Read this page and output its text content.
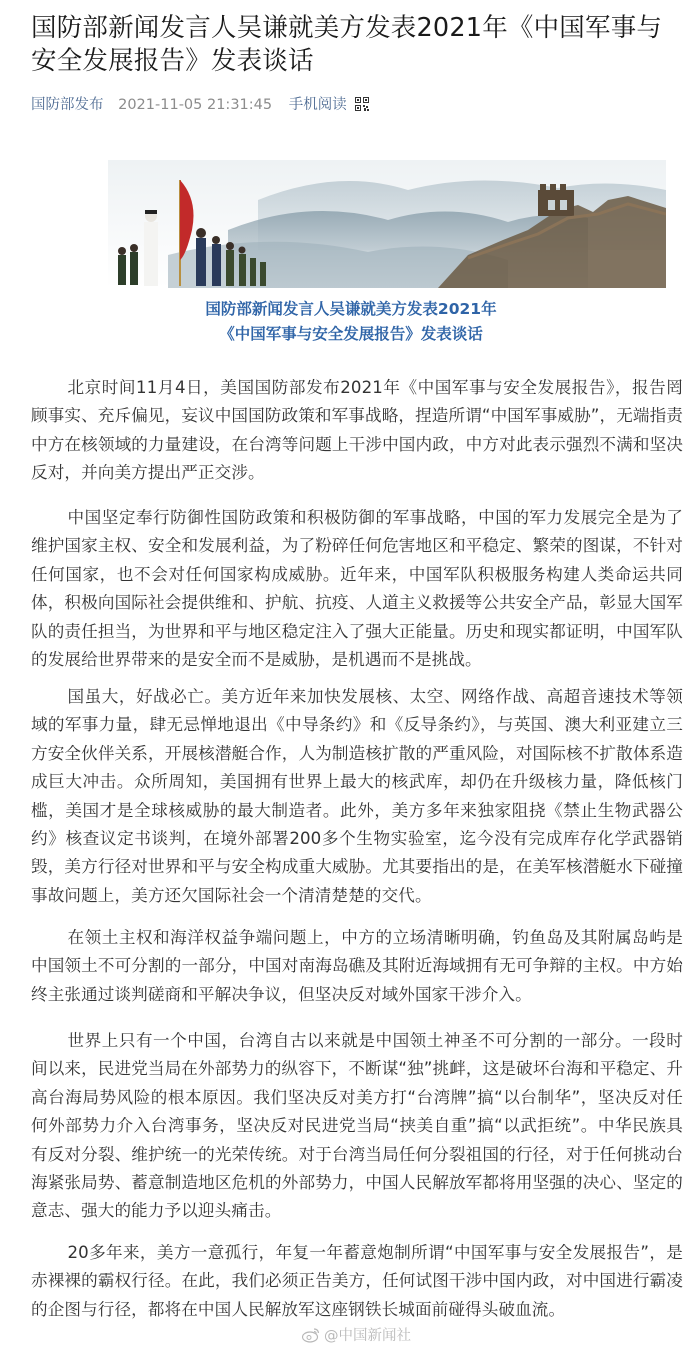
国防部新闻发言人吴谦就美方发表2021年《中国军事与安全发展报告》发表谈话
国防部发布 2021-11-05 21:31:45 手机阅读
国防部新闻发言人吴谦就美方发表2021年
《中国军事与安全发展报告》发表谈话

北京时间11月4日，美国国防部发布2021年《中国军事与安全发展报告》，报告罔顾事实、充斥偏见，妄议中国国防政策和军事战略，捏造所谓“中国军事威胁”，无端指责中方在核领域的力量建设，在台湾等问题上干涉中国内政，中方对此表示强烈不满和坚决反对，并向美方提出严正交涉。

中国坚定奉行防御性国防政策和积极防御的军事战略，中国的军力发展完全是为了维护国家主权、安全和发展利益，为了粉碎任何危害地区和平稳定、繁荣的图谋，不针对任何国家，也不会对任何国家构成威胁。近年来，中国军队积极服务构建人类命运共同体，积极向国际社会提供维和、护航、抗疫、人道主义救援等公共安全产品，彰显大国军队的责任担当，为世界和平与地区稳定注入了强大正能量。历史和现实都证明，中国军队的发展给世界带来的是安全而不是威胁，是机遇而不是挑战。

国虽大，好战必亡。美方近年来加快发展核、太空、网络作战、高超音速技术等领域的军事力量，肆无忌惮地退出《中导条约》和《反导条约》，与英国、澳大利亚建立三方安全伙伴关系，开展核潜艇合作，人为制造核扩散的严重风险，对国际核不扩散体系造成巨大冲击。众所周知，美国拥有世界上最大的核武库，却仍在升级核力量，降低核门槛，美国才是全球核威胁的最大制造者。此外，美方多年来独家阻挠《禁止生物武器公约》核查议定书谈判，在境外部署200多个生物实验室，迄今没有完成库存化学武器销毁，美方行径对世界和平与安全构成重大威胁。尤其要指出的是，在美军核潜艇水下碰撞事故问题上，美方还欠国际社会一个清清楚楚的交代。

在领土主权和海洋权益争端问题上，中方的立场清晰明确，钓鱼岛及其附属岛屿是中国领土不可分割的一部分，中国对南海岛礁及其附近海域拥有无可争辩的主权。中方始终主张通过谈判磋商和平解决争议，但坚决反对域外国家干涉介入。

世界上只有一个中国，台湾自古以来就是中国领土神圣不可分割的一部分。一段时间以来，民进党当局在外部势力的纵容下，不断谋“独”挑衅，这是破坏台海和平稳定、升高台海局势风险的根本原因。我们坚决反对美方打“台湾牌”搞“以台制华”，坚决反对任何外部势力介入台湾事务，坚决反对民进党当局“挟美自重”搞“以武拒统”。中华民族具有反对分裂、维护统一的光荣传统。对于台湾当局任何分裂祖国的行径，对于任何挑动台海紧张局势、蓄意制造地区危机的外部势力，中国人民解放军都将用坚强的决心、坚定的意志、强大的能力予以迎头痛击。

20多年来，美方一意孤行，年复一年蓄意炮制所谓“中国军事与安全发展报告”，是赤裸裸的霸权行径。在此，我们必须正告美方，任何试图干涉中国内政，对中国进行霸凌的企图与行径，都将在中国人民解放军这座钢铁长城面前碰得头破血流。

@中国新闻社
